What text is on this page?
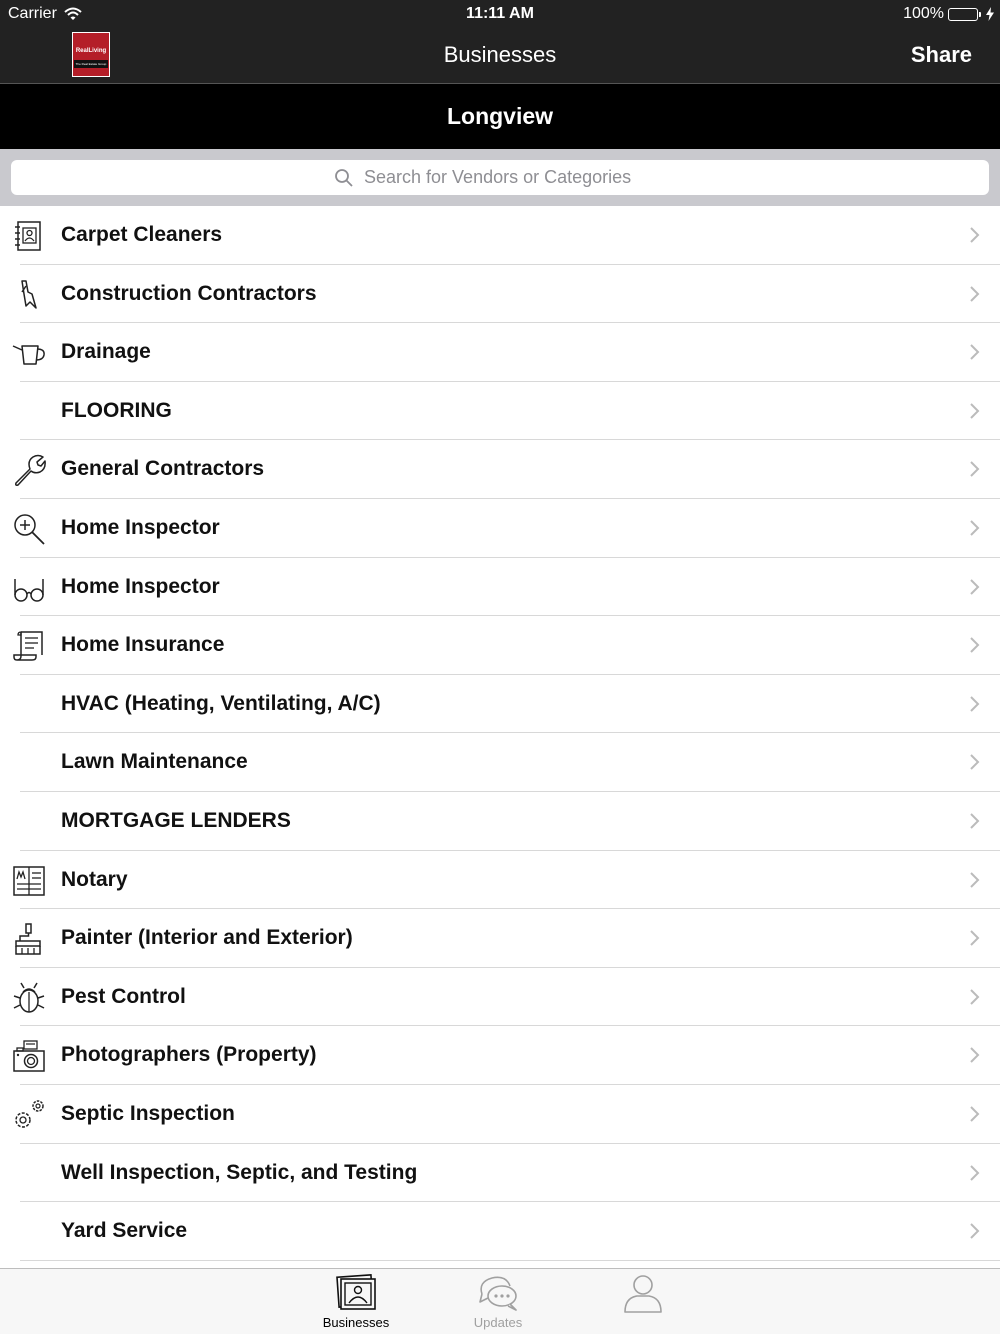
Carrier	11:11 AM	100%
RealLiving
The Real Estate Group	Businesses	Share
Longview
Search for Vendors or Categories
Carpet Cleaners
Construction Contractors
Drainage
FLOORING
General Contractors
Home Inspector
Home Inspector
Home Insurance
HVAC (Heating, Ventilating, A/C)
Lawn Maintenance
MORTGAGE LENDERS
Notary
Painter (Interior and Exterior)
Pest Control
Photographers (Property)
Septic Inspection
Well Inspection, Septic, and Testing
Yard Service
Businesses	Updates
